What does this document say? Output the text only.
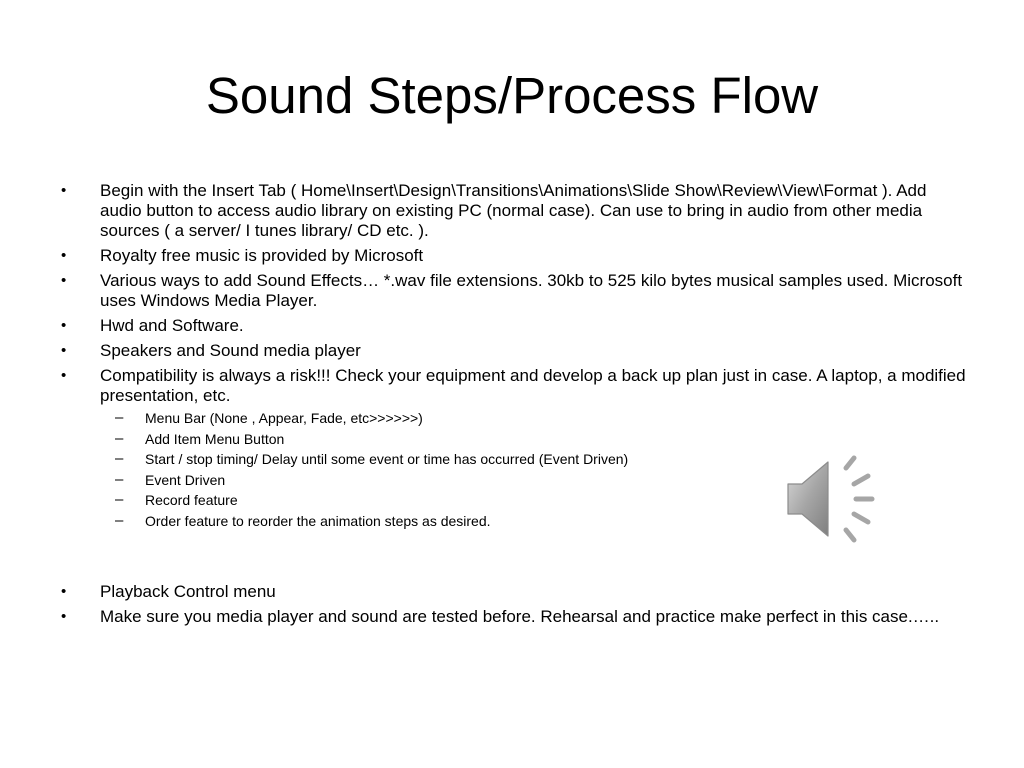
Sound Steps/Process Flow
• Begin with the Insert Tab ( Home\Insert\Design\Transitions\Animations\Slide Show\Review\View\Format ). Add audio button to access audio library on existing PC (normal case). Can use to bring in audio from other media sources ( a server/ I tunes library/ CD etc. ).
• Royalty free music is provided by Microsoft
• Various ways to add Sound Effects… *.wav file extensions. 30kb to 525 kilo bytes musical samples used. Microsoft uses Windows Media Player.
• Hwd and Software.
• Speakers and Sound media player
• Compatibility is always a risk!!! Check your equipment and develop a back up plan just in case. A laptop, a modified presentation, etc.
– Menu Bar (None , Appear, Fade, etc>>>>>>)
– Add Item Menu Button
– Start / stop timing/ Delay until some event or time has occurred (Event Driven)
– Event Driven
– Record feature
– Order feature to reorder the animation steps as desired.
• Playback Control menu
• Make sure you media player and sound are tested before. Rehearsal and practice make perfect in this case.…..
